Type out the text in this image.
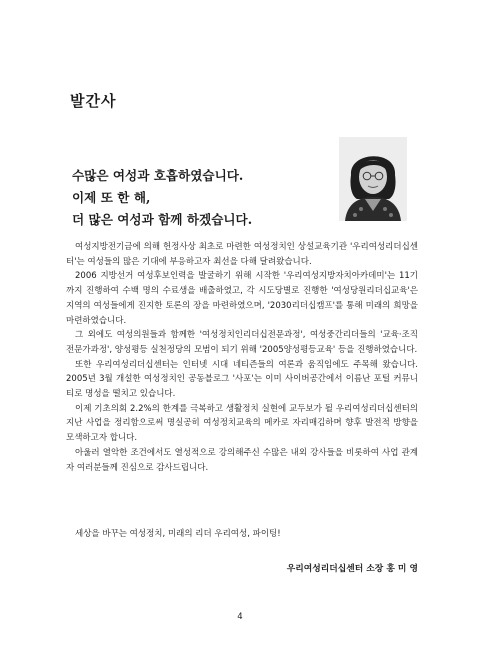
발간사
수많은 여성과 호흡하였습니다.
이제 또 한 해,
더 많은 여성과 함께 하겠습니다.

여성지방전기금에 의해 헌정사상 최초로 마련한 여성정치인 상설교육기관 '우리여성리더십센터'는 여성들의 많은 기대에 부응하고자 최선을 다해 달려왔습니다.

2006 지방선거 여성후보인력을 발굴하기 위해 시작한 '우리여성지방자치아카데미'는 11기까지 진행하여 수백 명의 수료생을 배출하였고, 각 시도당별로 진행한 '여성당원리더십교육'은 지역의 여성들에게 진지한 토론의 장을 마련하였으며, '2030리더십캠프'를 통해 미래의 희망을 마련하였습니다.

그 외에도 여성의원들과 함께한 '여성정치인리더십전문과정', 여성중간리더들의 '교육·조직 전문가과정', 양성평등 실천정당의 모범이 되기 위해 '2005양성평등교육' 등을 진행하였습니다.

또한 우리여성리더십센터는 인터넷 시대 네티즌들의 여론과 움직임에도 주목해 왔습니다. 2005년 3월 개설한 여성정치인 공동블로그 '사포'는 이미 사이버공간에서 이름난 포털 커뮤니티로 명성을 떨치고 있습니다.

이제 기초의회 2.2%의 한계를 극복하고 생활정치 실현에 교두보가 될 우리여성리더십센터의 지난 사업을 정리함으로써 명실공히 여성정치교육의 메카로 자리매김하며 향후 발전적 방향을 모색하고자 합니다.

아울러 열악한 조건에서도 열성적으로 강의해주신 수많은 내외 강사들을 비롯하여 사업 관계자 여러분들께 진심으로 감사드립니다.

세상을 바꾸는 여성정치, 미래의 리더 우리여성, 파이팅!
우리여성리더십센터 소장 홍 미 영
4
